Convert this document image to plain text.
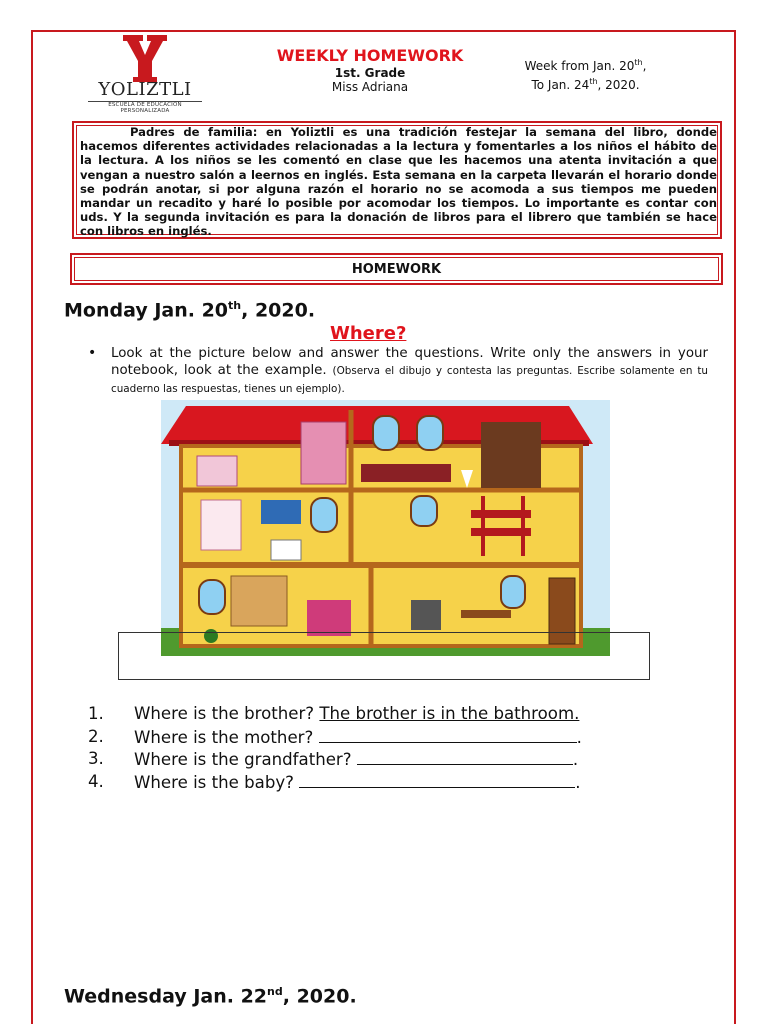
YOLIZTLI
ESCUELA DE EDUCACIÓN PERSONALIZADA
WEEKLY HOMEWORK
1st. Grade
Miss Adriana
Week from Jan. 20th,
To Jan. 24th, 2020.

Padres de familia: en Yoliztli es una tradición festejar la semana del libro, donde hacemos diferentes actividades relacionadas a la lectura y fomentarles a los niños el hábito de la lectura. A los niños se les comentó en clase que les hacemos una atenta invitación a que vengan a nuestro salón a leernos en inglés. Esta semana en la carpeta llevarán el horario donde se podrán anotar, si por alguna razón el horario no se acomoda a sus tiempos me pueden mandar un recadito y haré lo posible por acomodar los tiempos. Lo importante es contar con uds. Y la segunda invitación es para la donación de libros para el librero que también se hace con libros en inglés.

HOMEWORK
Monday Jan. 20th, 2020.
Where?
• Look at the picture below and answer the questions. Write only the answers in your notebook, look at the example. (Observa el dibujo y contesta las preguntas. Escribe solamente en tu cuaderno las respuestas, tienes un ejemplo).
1. Where is the brother? The brother is in the bathroom.
2. Where is the mother?	.
3. Where is the grandfather?	.
4. Where is the baby?	.
Wednesday Jan. 22nd, 2020.
